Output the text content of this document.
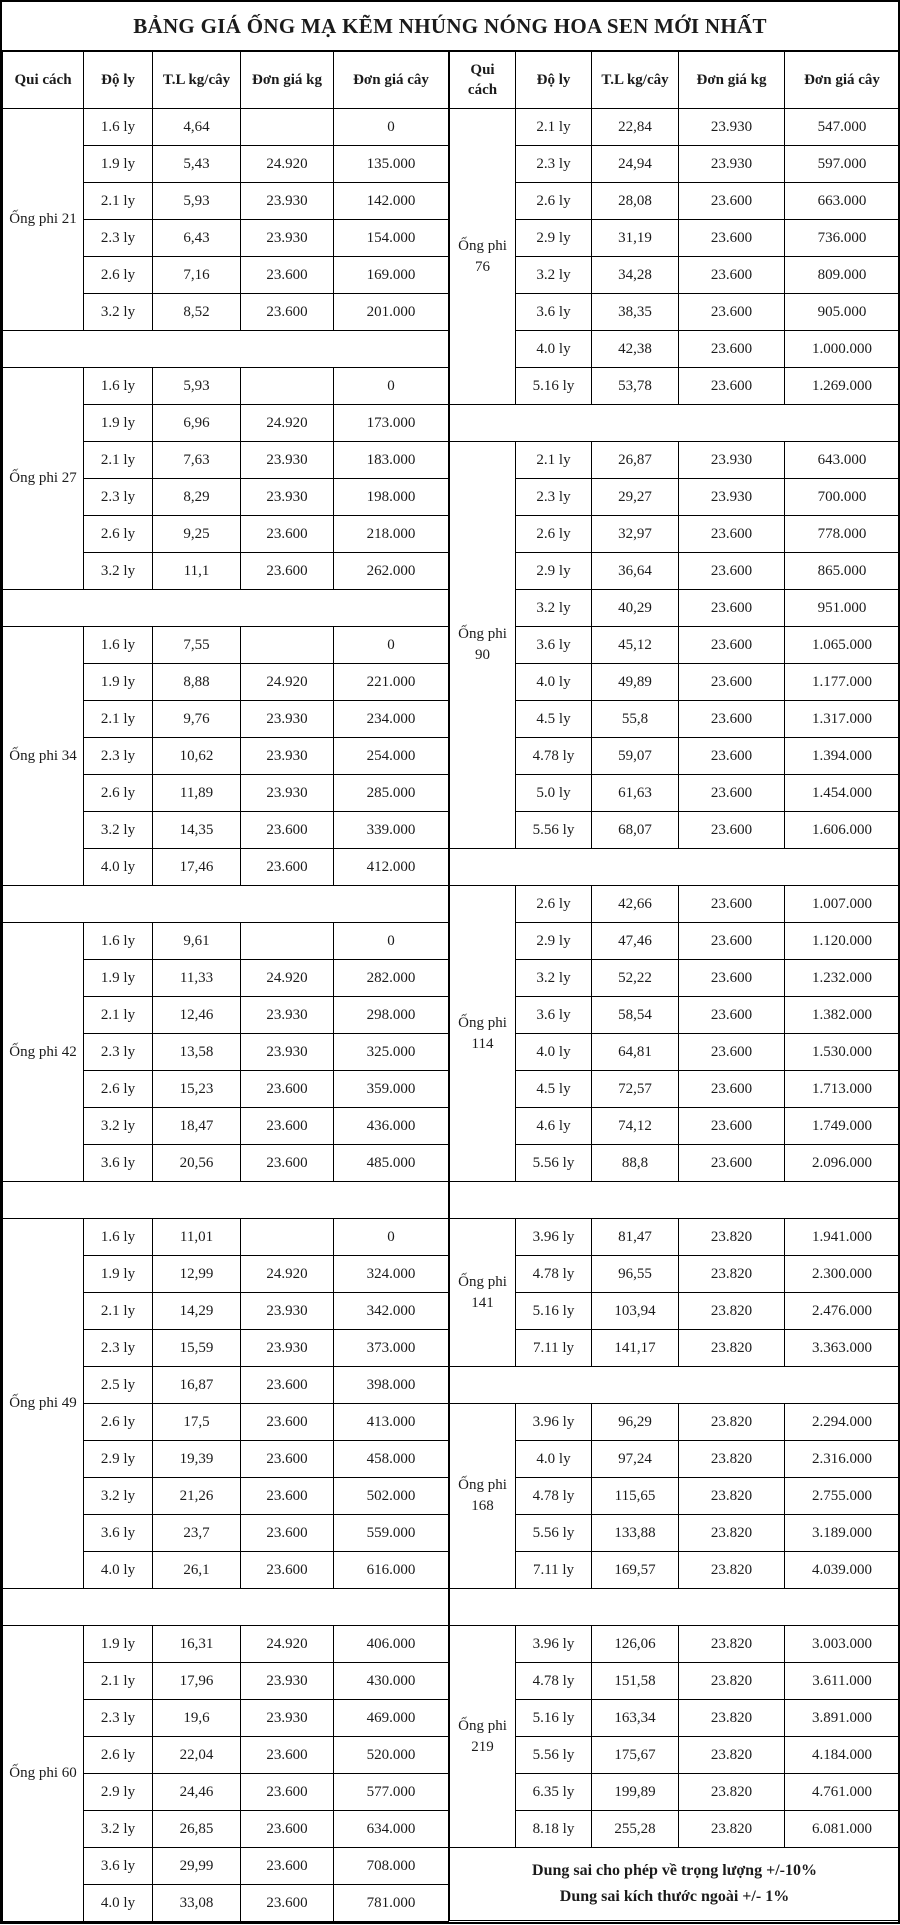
BẢNG GIÁ ỐNG MẠ KẼM NHÚNG NÓNG HOA SEN MỚI NHẤT
Qui cách	Độ ly	T.L kg/cây	Đơn giá kg	Đơn giá cây
Ống phi 21	1.6 ly	4,64		0
	1.9 ly	5,43	24.920	135.000
	2.1 ly	5,93	23.930	142.000
	2.3 ly	6,43	23.930	154.000
	2.6 ly	7,16	23.600	169.000
	3.2 ly	8,52	23.600	201.000

Ống phi 27	1.6 ly	5,93		0
	1.9 ly	6,96	24.920	173.000
	2.1 ly	7,63	23.930	183.000
	2.3 ly	8,29	23.930	198.000
	2.6 ly	9,25	23.600	218.000
	3.2 ly	11,1	23.600	262.000

Ống phi 34	1.6 ly	7,55		0
	1.9 ly	8,88	24.920	221.000
	2.1 ly	9,76	23.930	234.000
	2.3 ly	10,62	23.930	254.000
	2.6 ly	11,89	23.930	285.000
	3.2 ly	14,35	23.600	339.000
	4.0 ly	17,46	23.600	412.000

Ống phi 42	1.6 ly	9,61		0
	1.9 ly	11,33	24.920	282.000
	2.1 ly	12,46	23.930	298.000
	2.3 ly	13,58	23.930	325.000
	2.6 ly	15,23	23.600	359.000
	3.2 ly	18,47	23.600	436.000
	3.6 ly	20,56	23.600	485.000

Ống phi 49	1.6 ly	11,01		0
	1.9 ly	12,99	24.920	324.000
	2.1 ly	14,29	23.930	342.000
	2.3 ly	15,59	23.930	373.000
	2.5 ly	16,87	23.600	398.000
	2.6 ly	17,5	23.600	413.000
	2.9 ly	19,39	23.600	458.000
	3.2 ly	21,26	23.600	502.000
	3.6 ly	23,7	23.600	559.000
	4.0 ly	26,1	23.600	616.000

Ống phi 60	1.9 ly	16,31	24.920	406.000
	2.1 ly	17,96	23.930	430.000
	2.3 ly	19,6	23.930	469.000
	2.6 ly	22,04	23.600	520.000
	2.9 ly	24,46	23.600	577.000
	3.2 ly	26,85	23.600	634.000
	3.6 ly	29,99	23.600	708.000
	4.0 ly	33,08	23.600	781.000
Qui cách	Độ ly	T.L kg/cây	Đơn giá kg	Đơn giá cây
Ống phi 76	2.1 ly	22,84	23.930	547.000
	2.3 ly	24,94	23.930	597.000
	2.6 ly	28,08	23.600	663.000
	2.9 ly	31,19	23.600	736.000
	3.2 ly	34,28	23.600	809.000
	3.6 ly	38,35	23.600	905.000
	4.0 ly	42,38	23.600	1.000.000
	5.16 ly	53,78	23.600	1.269.000

Ống phi 90	2.1 ly	26,87	23.930	643.000
	2.3 ly	29,27	23.930	700.000
	2.6 ly	32,97	23.600	778.000
	2.9 ly	36,64	23.600	865.000
	3.2 ly	40,29	23.600	951.000
	3.6 ly	45,12	23.600	1.065.000
	4.0 ly	49,89	23.600	1.177.000
	4.5 ly	55,8	23.600	1.317.000
	4.78 ly	59,07	23.600	1.394.000
	5.0 ly	61,63	23.600	1.454.000
	5.56 ly	68,07	23.600	1.606.000

Ống phi 114	2.6 ly	42,66	23.600	1.007.000
	2.9 ly	47,46	23.600	1.120.000
	3.2 ly	52,22	23.600	1.232.000
	3.6 ly	58,54	23.600	1.382.000
	4.0 ly	64,81	23.600	1.530.000
	4.5 ly	72,57	23.600	1.713.000
	4.6 ly	74,12	23.600	1.749.000
	5.56 ly	88,8	23.600	2.096.000

Ống phi 141	3.96 ly	81,47	23.820	1.941.000
	4.78 ly	96,55	23.820	2.300.000
	5.16 ly	103,94	23.820	2.476.000
	7.11 ly	141,17	23.820	3.363.000

Ống phi 168	3.96 ly	96,29	23.820	2.294.000
	4.0 ly	97,24	23.820	2.316.000
	4.78 ly	115,65	23.820	2.755.000
	5.56 ly	133,88	23.820	3.189.000
	7.11 ly	169,57	23.820	4.039.000

Ống phi 219	3.96 ly	126,06	23.820	3.003.000
	4.78 ly	151,58	23.820	3.611.000
	5.16 ly	163,34	23.820	3.891.000
	5.56 ly	175,67	23.820	4.184.000
	6.35 ly	199,89	23.820	4.761.000
	8.18 ly	255,28	23.820	6.081.000

Dung sai cho phép về trọng lượng +/-10%
Dung sai kích thước ngoài +/- 1%				
